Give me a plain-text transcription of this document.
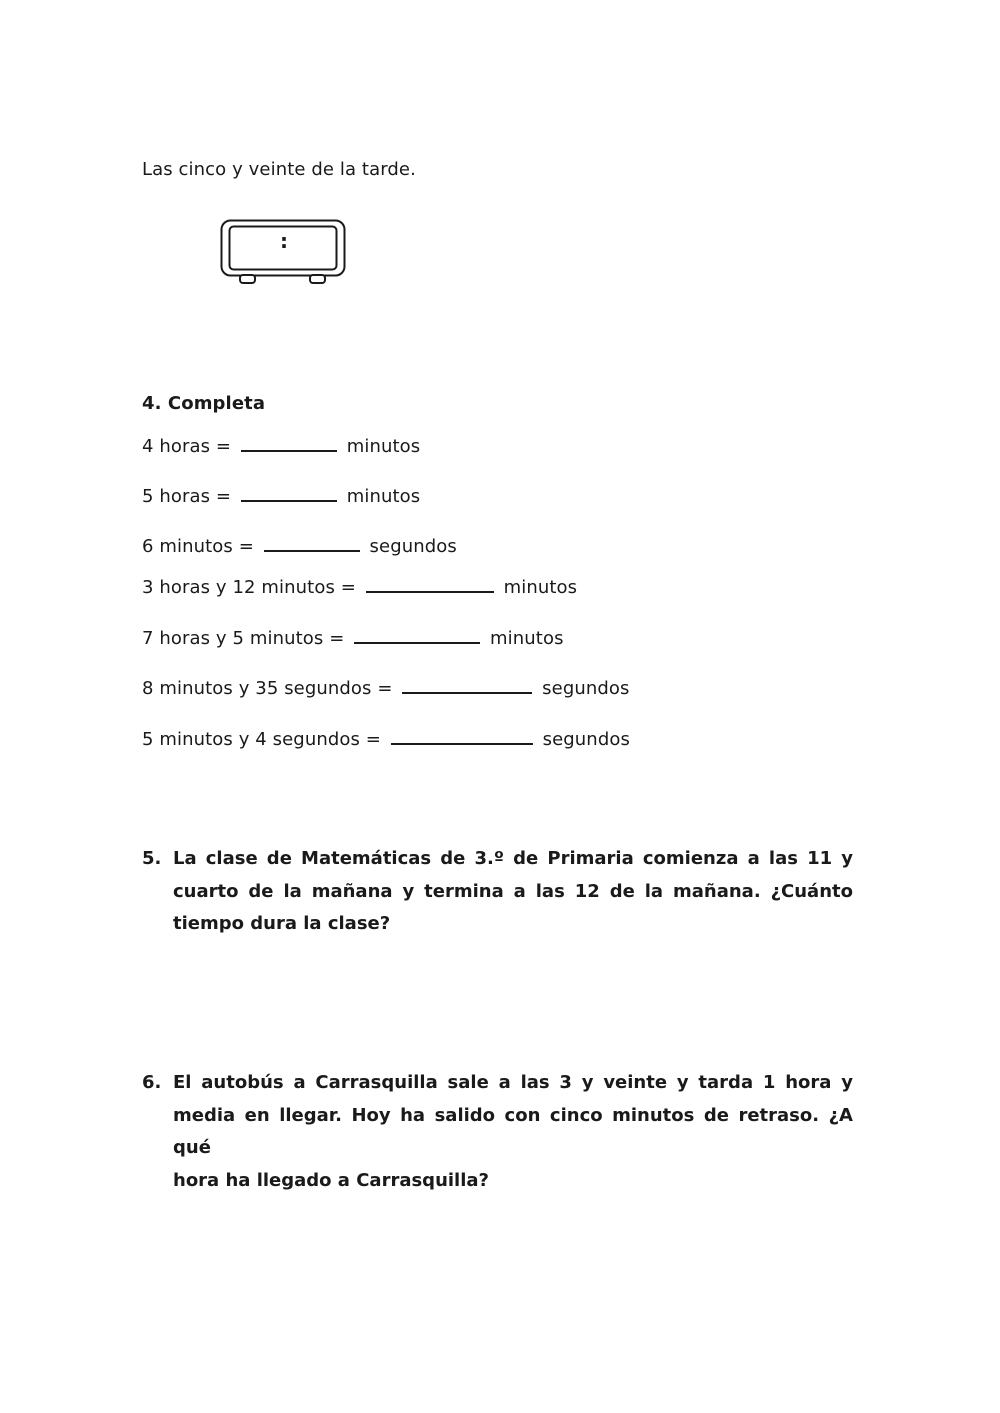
Las cinco y veinte de la tarde.
:
4. Completa
4 horas =	minutos
5 horas =	minutos
6 minutos =	segundos
3 horas y 12 minutos =	minutos
7 horas y 5 minutos =	minutos
8 minutos y 35 segundos =	segundos
5 minutos y 4 segundos =	segundos
5. La clase de Matemáticas de 3.º de Primaria comienza a las 11 y
cuarto de la mañana y termina a las 12 de la mañana. ¿Cuánto
tiempo dura la clase?
6. El autobús a Carrasquilla sale a las 3 y veinte y tarda 1 hora y
media en llegar. Hoy ha salido con cinco minutos de retraso. ¿A qué
hora ha llegado a Carrasquilla?
